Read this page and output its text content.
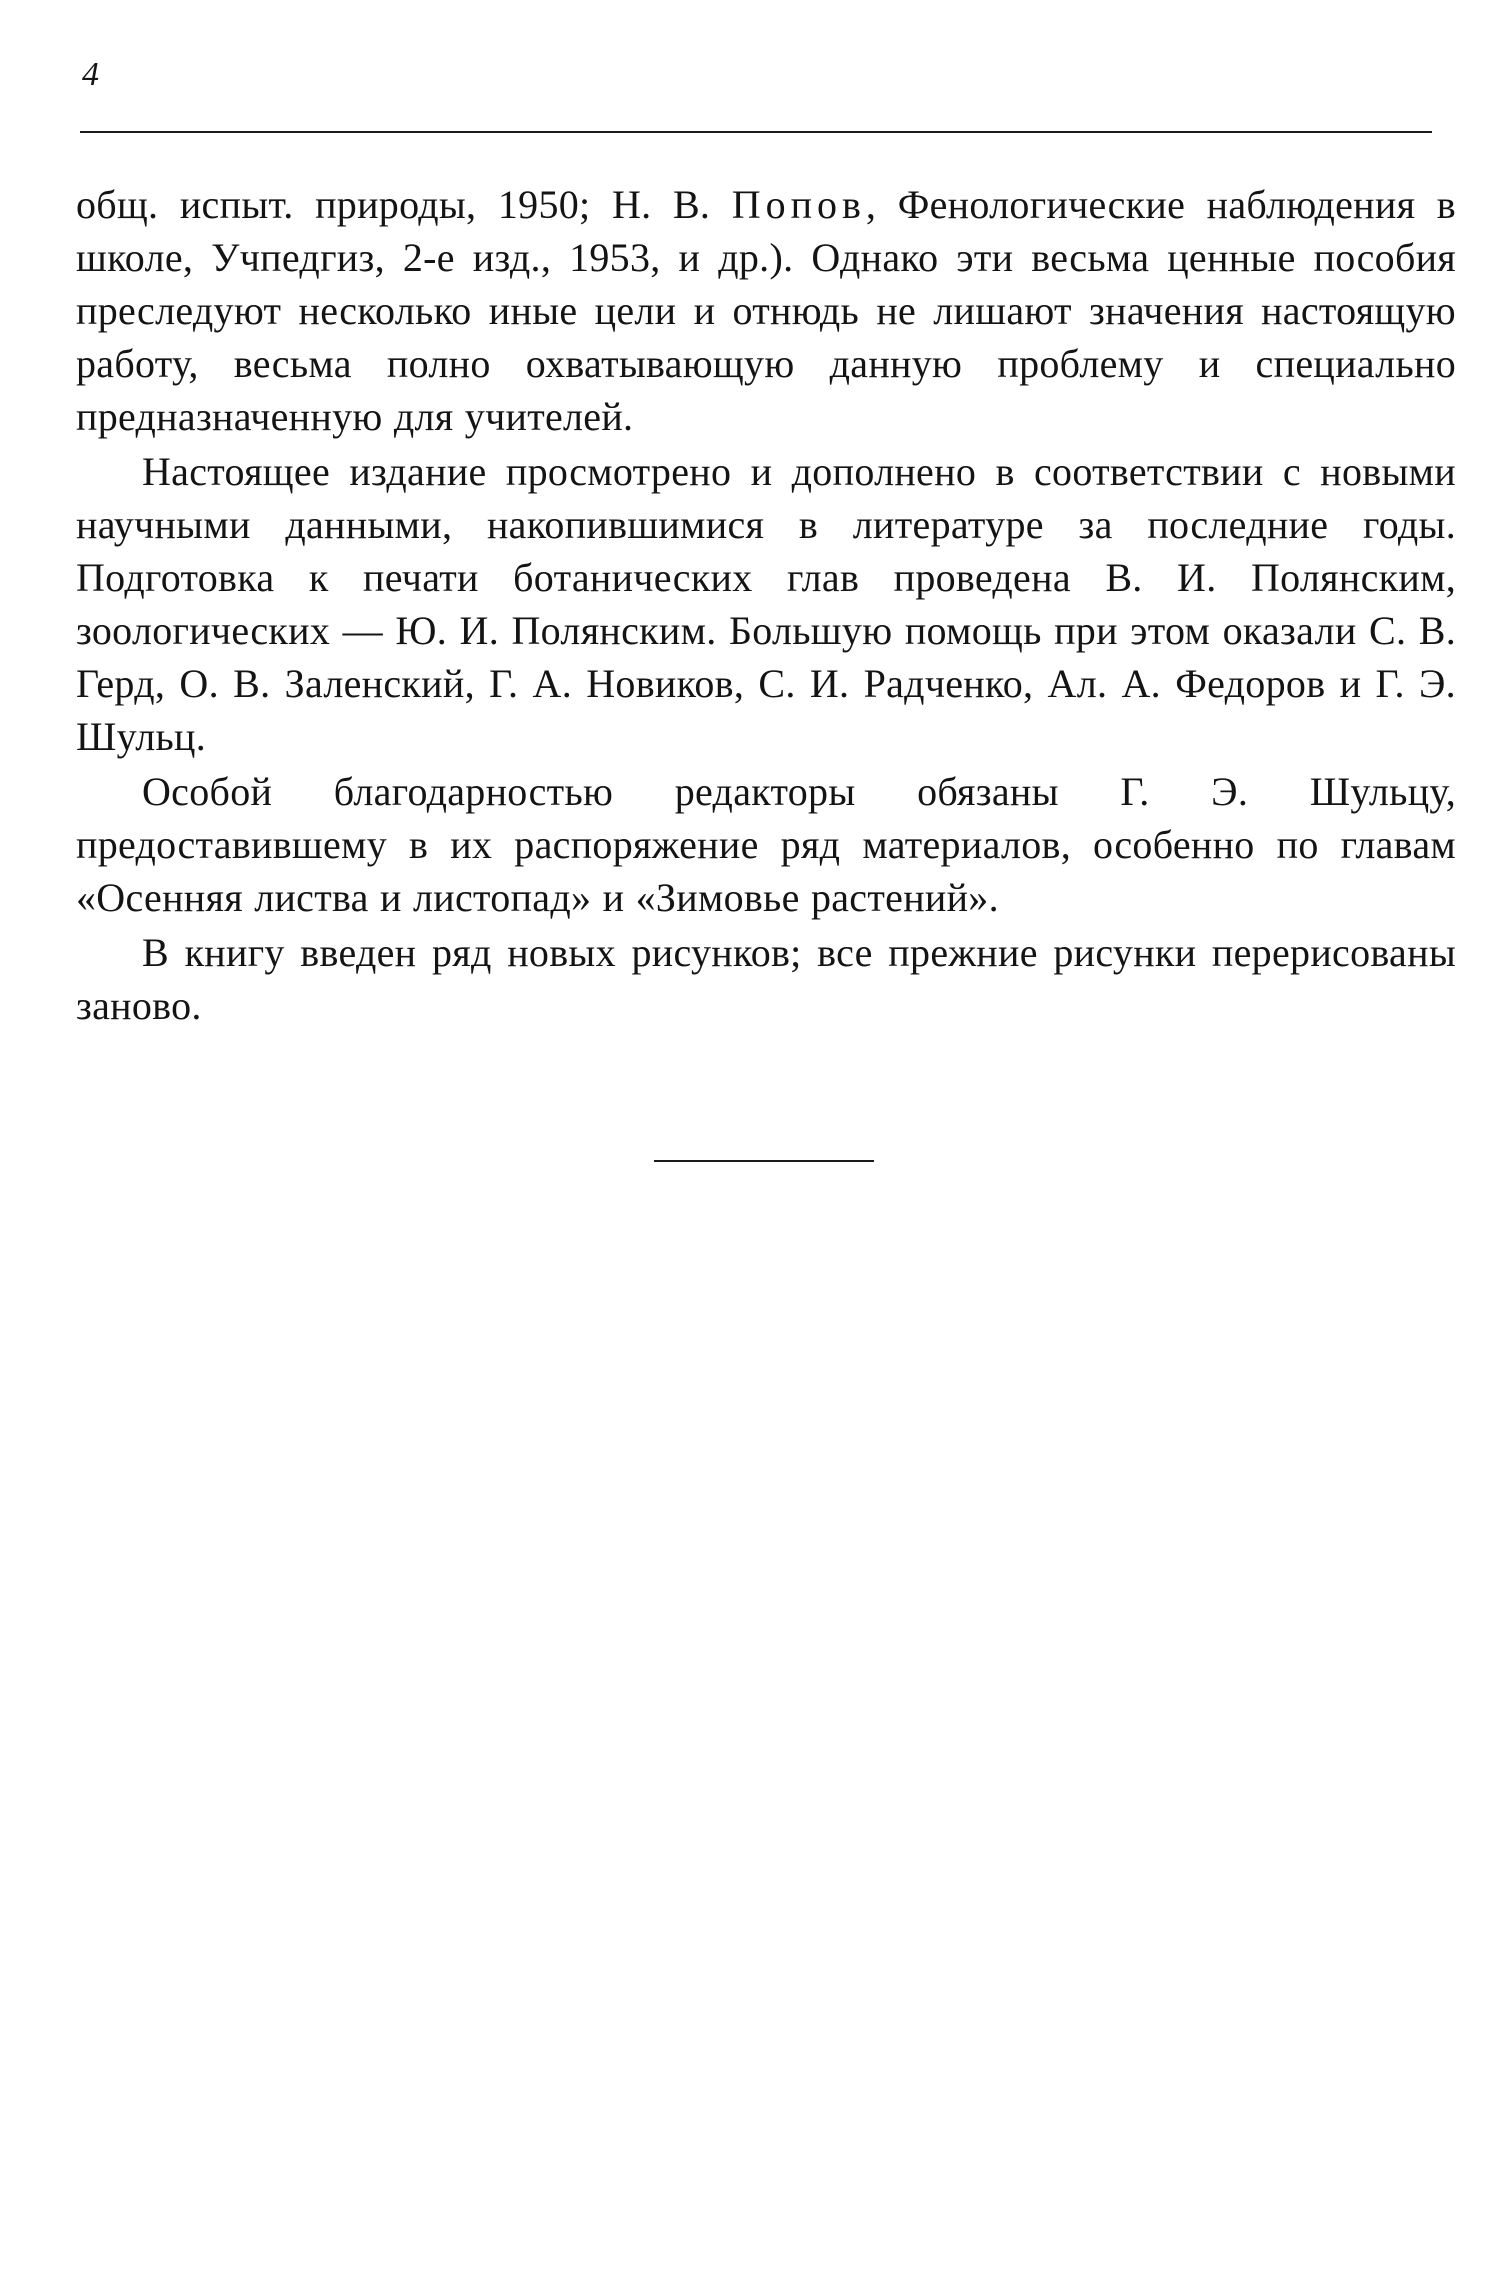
4

общ. испыт. природы, 1950; Н. В. Попов, Фенологические наблюдения в школе, Учпедгиз, 2-е изд., 1953, и др.). Однако эти весьма ценные пособия преследуют несколько иные цели и отнюдь не лишают значения настоящую работу, весьма полно охватывающую данную проблему и специально предназначенную для учителей.

Настоящее издание просмотрено и дополнено в соответствии с новыми научными данными, накопившимися в литературе за последние годы. Подготовка к печати ботанических глав проведена В. И. Полянским, зоологических — Ю. И. Полянским. Большую помощь при этом оказали С. В. Герд, О. В. Заленский, Г. А. Новиков, С. И. Радченко, Ал. А. Федоров и Г. Э. Шульц.

Особой благодарностью редакторы обязаны Г. Э. Шульцу, предоставившему в их распоряжение ряд материалов, особенно по главам «Осенняя листва и листопад» и «Зимовье растений».

В книгу введен ряд новых рисунков; все прежние рисунки перерисованы заново.
